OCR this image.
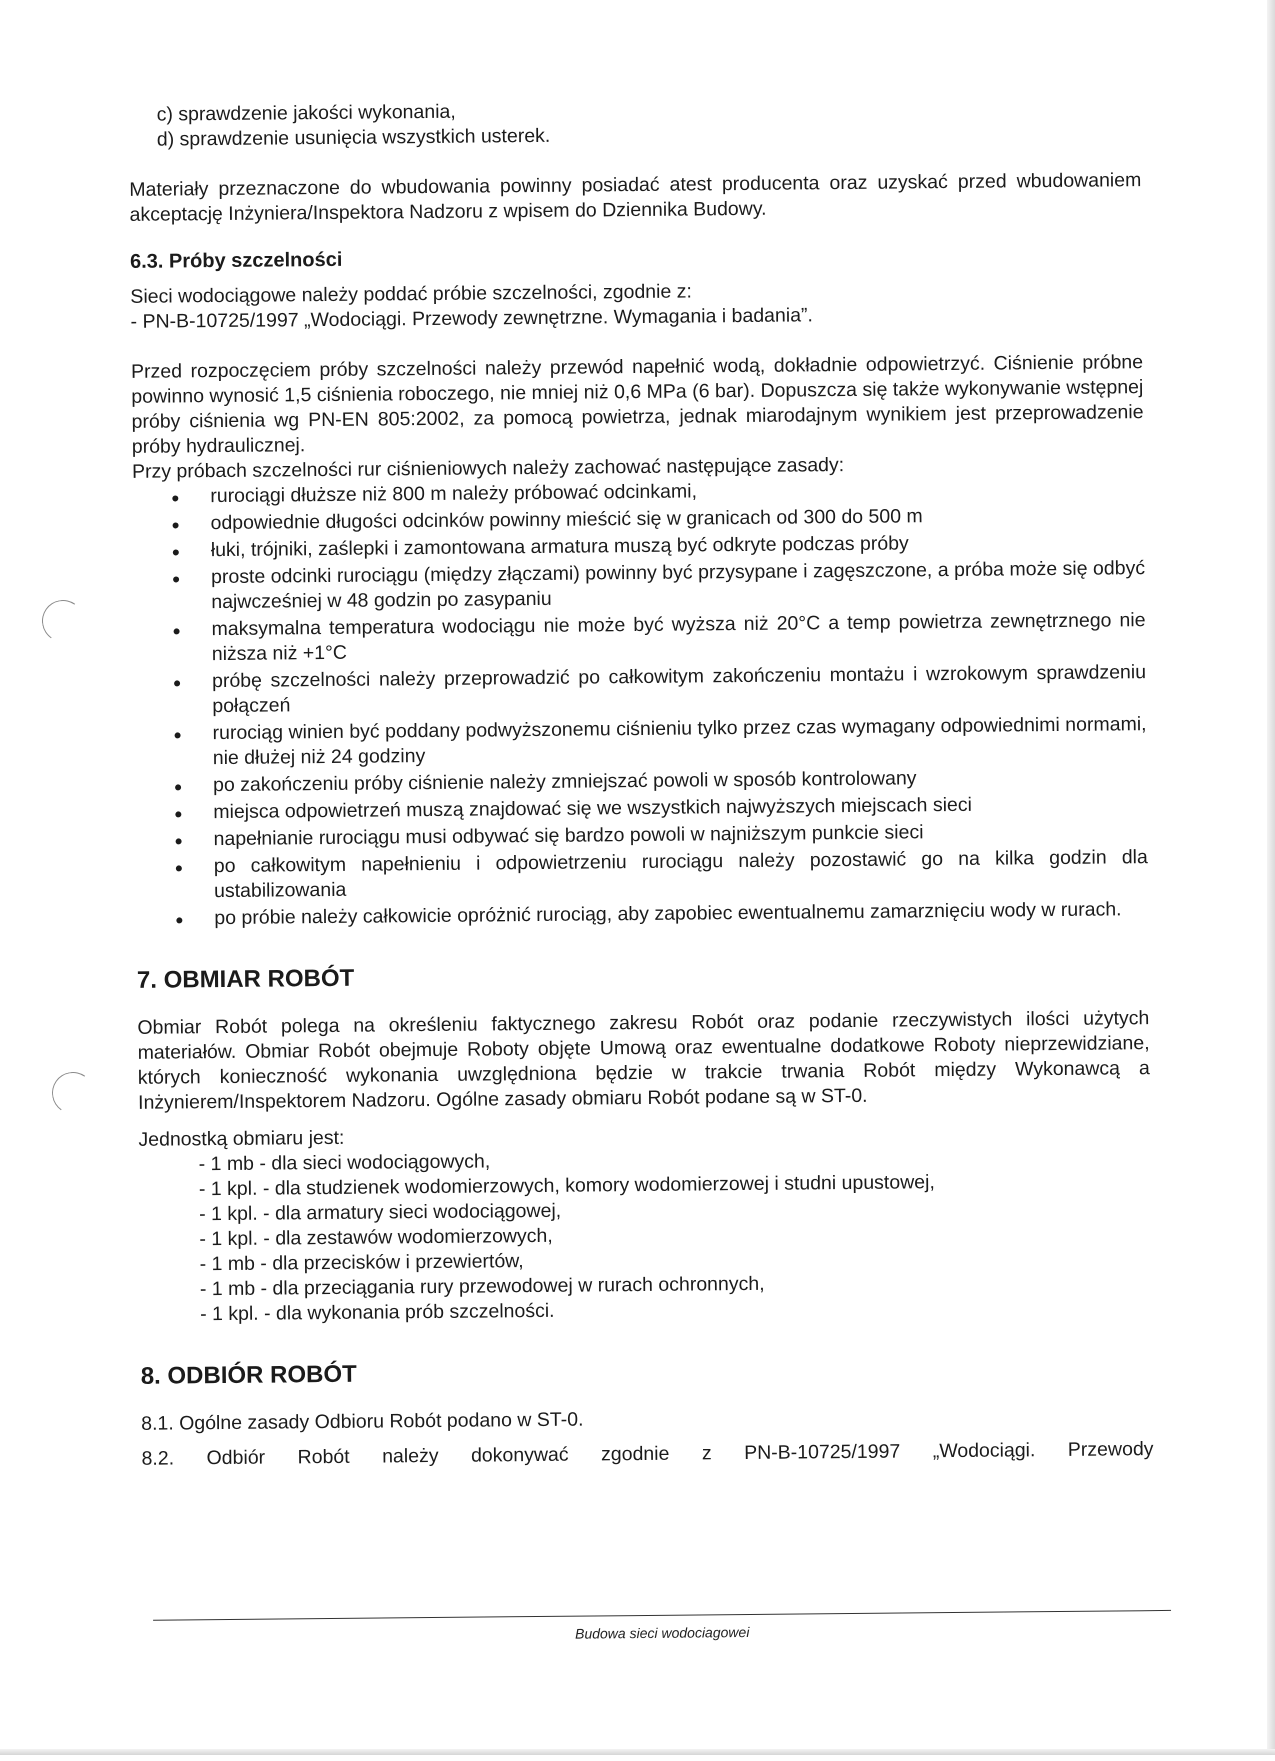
c) sprawdzenie jakości wykonania,
d) sprawdzenie usunięcia wszystkich usterek.

Materiały przeznaczone do wbudowania powinny posiadać atest producenta oraz uzyskać przed wbudowaniem akceptację Inżyniera/Inspektora Nadzoru z wpisem do Dziennika Budowy.

6.3. Próby szczelności

Sieci wodociągowe należy poddać próbie szczelności, zgodnie z:

- PN-B-10725/1997 „Wodociągi. Przewody zewnętrzne. Wymagania i badania”.

Przed rozpoczęciem próby szczelności należy przewód napełnić wodą, dokładnie odpowietrzyć. Ciśnienie próbne powinno wynosić 1,5 ciśnienia roboczego, nie mniej niż 0,6 MPa (6 bar). Dopuszcza się także wykonywanie wstępnej próby ciśnienia wg PN-EN 805:2002, za pomocą powietrza, jednak miarodajnym wynikiem jest przeprowadzenie próby hydraulicznej.

Przy próbach szczelności rur ciśnieniowych należy zachować następujące zasady:

rurociągi dłuższe niż 800 m należy próbować odcinkami,
odpowiednie długości odcinków powinny mieścić się w granicach od 300 do 500 m
łuki, trójniki, zaślepki i zamontowana armatura muszą być odkryte podczas próby
proste odcinki rurociągu (między złączami) powinny być przysypane i zagęszczone, a próba może się odbyć najwcześniej w 48 godzin po zasypaniu
maksymalna temperatura wodociągu nie może być wyższa niż 20°C a temp powietrza zewnętrznego nie niższa niż +1°C
próbę szczelności należy przeprowadzić po całkowitym zakończeniu montażu i wzrokowym sprawdzeniu połączeń
rurociąg winien być poddany podwyższonemu ciśnieniu tylko przez czas wymagany odpowiednimi normami, nie dłużej niż 24 godziny
po zakończeniu próby ciśnienie należy zmniejszać powoli w sposób kontrolowany
miejsca odpowietrzeń muszą znajdować się we wszystkich najwyższych miejscach sieci
napełnianie rurociągu musi odbywać się bardzo powoli w najniższym punkcie sieci
po całkowitym napełnieniu i odpowietrzeniu rurociągu należy pozostawić go na kilka godzin dla ustabilizowania
po próbie należy całkowicie opróżnić rurociąg, aby zapobiec ewentualnemu zamarznięciu wody w rurach.
7. OBMIAR ROBÓT

Obmiar Robót polega na określeniu faktycznego zakresu Robót oraz podanie rzeczywistych ilości użytych materiałów. Obmiar Robót obejmuje Roboty objęte Umową oraz ewentualne dodatkowe Roboty nieprzewidziane, których konieczność wykonania uwzględniona będzie w trakcie trwania Robót między Wykonawcą a Inżynierem/Inspektorem Nadzoru. Ogólne zasady obmiaru Robót podane są w ST-0.

Jednostką obmiaru jest:

- 1 mb - dla sieci wodociągowych,
- 1 kpl. - dla studzienek wodomierzowych, komory wodomierzowej i studni upustowej,
- 1 kpl. - dla armatury sieci wodociągowej,
- 1 kpl. - dla zestawów wodomierzowych,
- 1 mb - dla przecisków i przewiertów,
- 1 mb - dla przeciągania rury przewodowej w rurach ochronnych,
- 1 kpl. - dla wykonania prób szczelności.
8. ODBIÓR ROBÓT

8.1. Ogólne zasady Odbioru Robót podano w ST-0.

8.2. Odbiór Robót należy dokonywać zgodnie z PN-B-10725/1997 „Wodociągi. Przewody

Budowa sieci wodociagowei
